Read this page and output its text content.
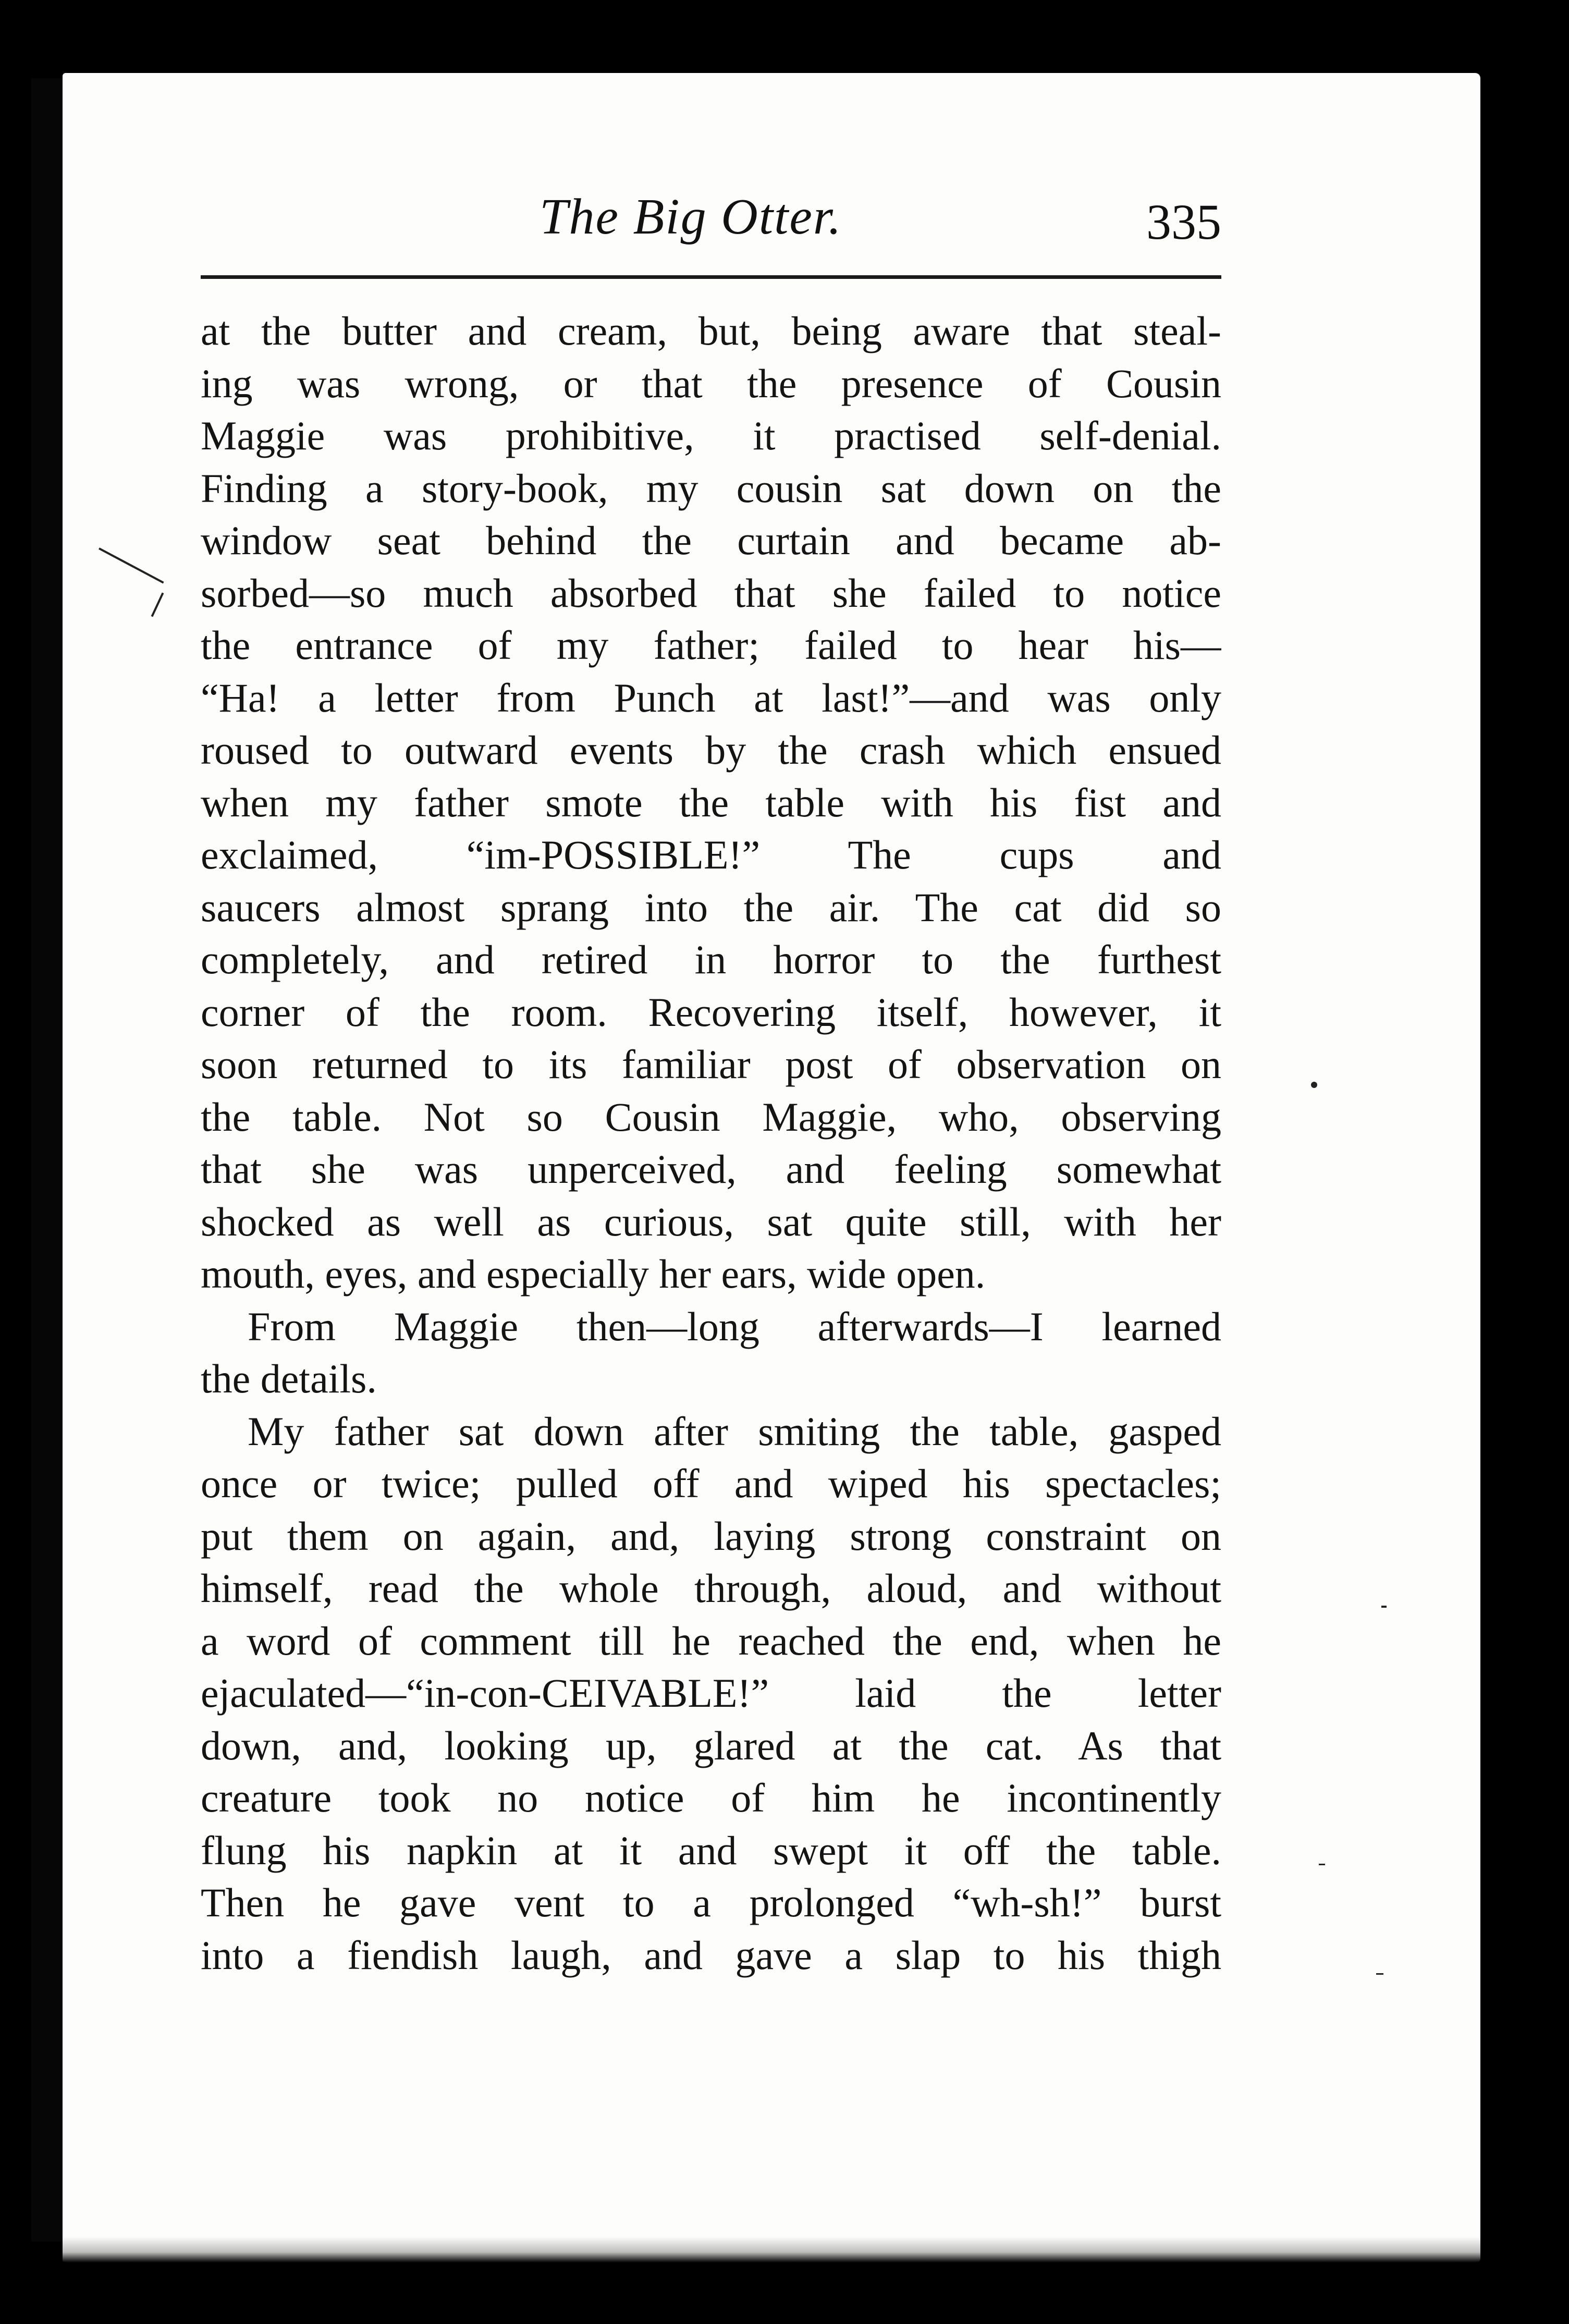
The Big Otter.	335
at the butter and cream, but, being aware that steal-
ing was wrong, or that the presence of Cousin
Maggie was prohibitive, it practised self-denial.
Finding a story-book, my cousin sat down on the
window seat behind the curtain and became ab-
sorbed—so much absorbed that she failed to notice
the entrance of my father; failed to hear his—
“Ha! a letter from Punch at last!”—and was only
roused to outward events by the crash which ensued
when my father smote the table with his fist and
exclaimed, “im-POSSIBLE!” The cups and
saucers almost sprang into the air. The cat did so
completely, and retired in horror to the furthest
corner of the room. Recovering itself, however, it
soon returned to its familiar post of observation on
the table. Not so Cousin Maggie, who, observing
that she was unperceived, and feeling somewhat
shocked as well as curious, sat quite still, with her
mouth, eyes, and especially her ears, wide open.
From Maggie then—long afterwards—I learned
the details.
My father sat down after smiting the table, gasped
once or twice; pulled off and wiped his spectacles;
put them on again, and, laying strong constraint on
himself, read the whole through, aloud, and without
a word of comment till he reached the end, when he
ejaculated—“in-con-CEIVABLE!” laid the letter
down, and, looking up, glared at the cat. As that
creature took no notice of him he incontinently
flung his napkin at it and swept it off the table.
Then he gave vent to a prolonged “wh-sh!” burst
into a fiendish laugh, and gave a slap to his thigh
